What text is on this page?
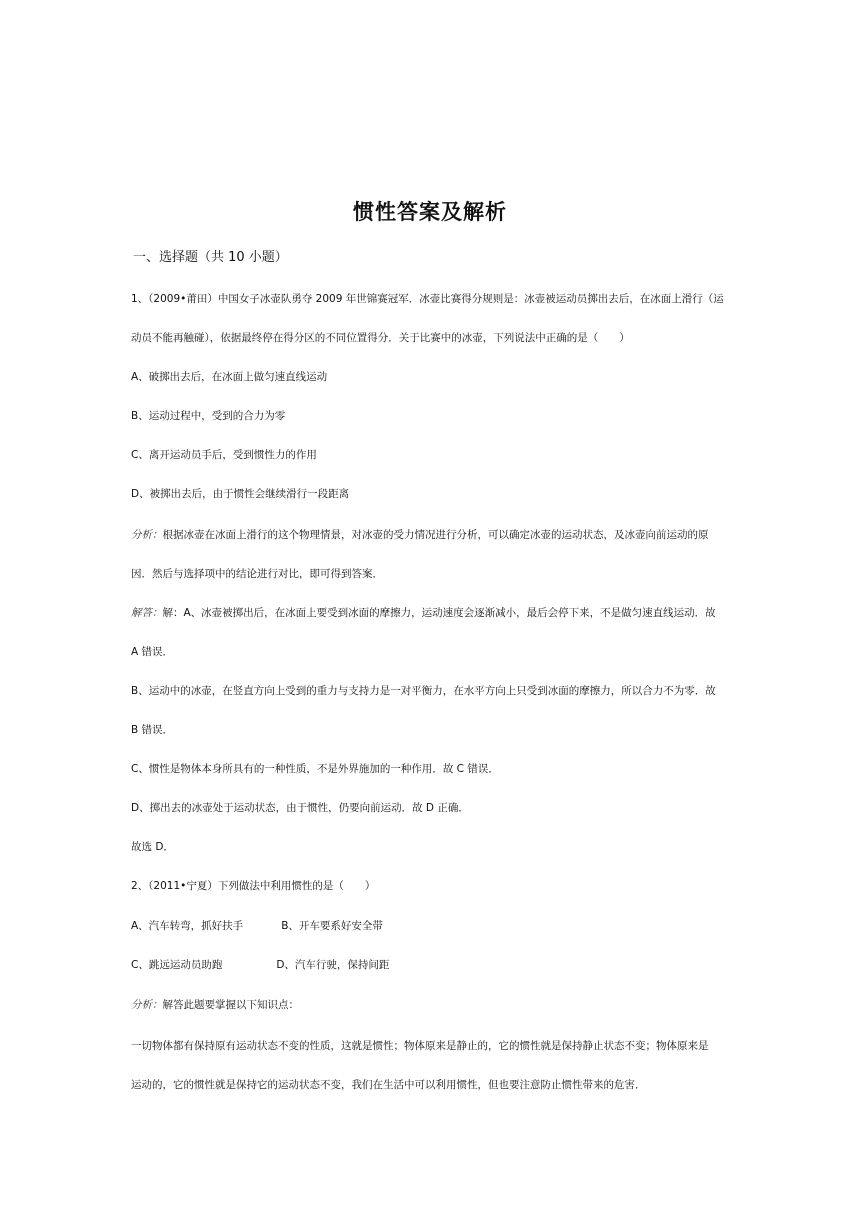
惯性答案及解析
一、选择题（共 10 小题）
1、（2009•莆田）中国女子冰壶队勇夺 2009 年世锦赛冠军．冰壶比赛得分规则是：冰壶被运动员掷出去后，在冰面上滑行（运
动员不能再触碰），依据最终停在得分区的不同位置得分．关于比赛中的冰壶，下列说法中正确的是（　　）
A、破掷出去后，在冰面上做匀速直线运动
B、运动过程中，受到的合力为零
C、离开运动员手后，受到惯性力的作用
D、被掷出去后，由于惯性会继续滑行一段距离
分析：根据冰壶在冰面上滑行的这个物理情景，对冰壶的受力情况进行分析，可以确定冰壶的运动状态，及冰壶向前运动的原
因．然后与选择项中的结论进行对比，即可得到答案．
解答：解：A、冰壶被掷出后，在冰面上要受到冰面的摩擦力，运动速度会逐渐减小，最后会停下来，不是做匀速直线运动．故
A 错误．
B、运动中的冰壶，在竖直方向上受到的重力与支持力是一对平衡力，在水平方向上只受到冰面的摩擦力，所以合力不为零．故
B 错误．
C、惯性是物体本身所具有的一种性质，不是外界施加的一种作用．故 C 错误．
D、掷出去的冰壶处于运动状态，由于惯性，仍要向前运动．故 D 正确．
故选 D．
2、（2011•宁夏）下列做法中利用惯性的是（　　）
A、汽车转弯，抓好扶手	B、开车要系好安全带
C、跳远运动员助跑	D、汽车行驶，保持间距
分析：解答此题要掌握以下知识点：
一切物体都有保持原有运动状态不变的性质，这就是惯性；物体原来是静止的，它的惯性就是保持静止状态不变；物体原来是
运动的，它的惯性就是保持它的运动状态不变，我们在生活中可以利用惯性，但也要注意防止惯性带来的危害．
